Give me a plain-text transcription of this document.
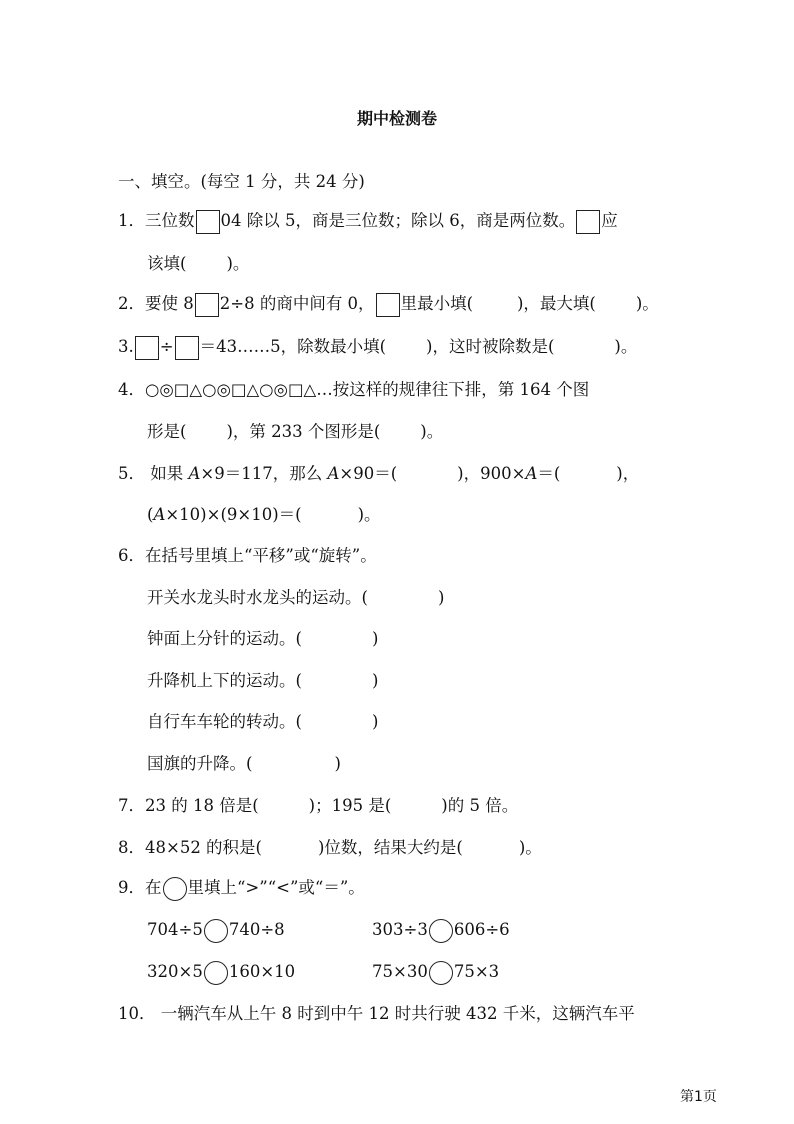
期中检测卷
一、填空。(每空 1 分，共 24 分)
1．三位数 04 除以 5，商是三位数；除以 6，商是两位数。 应
该填( )。
2．要使 8 2÷8 的商中间有 0， 里最小填(	)，最大填( )。
3. ÷ ＝43……5，除数最小填( )，这时被除数是(	)。
4．○◎□△○◎□△○◎□△…按这样的规律往下排，第 164 个图
形是( )，第 233 个图形是( )。
5． 如果 A×9＝117，那么 A×90＝(	)，900×A＝(	)，
(A×10)×(9×10)＝(	)。
6．在括号里填上“平移”或“旋转”。
开关水龙头时水龙头的运动。(	)
钟面上分针的运动。(	)
升降机上下的运动。(	)
自行车车轮的转动。(	)
国旗的升降。(	)
7．23 的 18 倍是(	)；195 是(	)的 5 倍。
8．48×52 的积是(	)位数，结果大约是(	)。
9．在 里填上“>”“<”或“＝”。
704÷5 740÷8	303÷3 606÷6
320×5 160×10	75×30 75×3
10． 一辆汽车从上午 8 时到中午 12 时共行驶 432 千米，这辆汽车平
第1页
